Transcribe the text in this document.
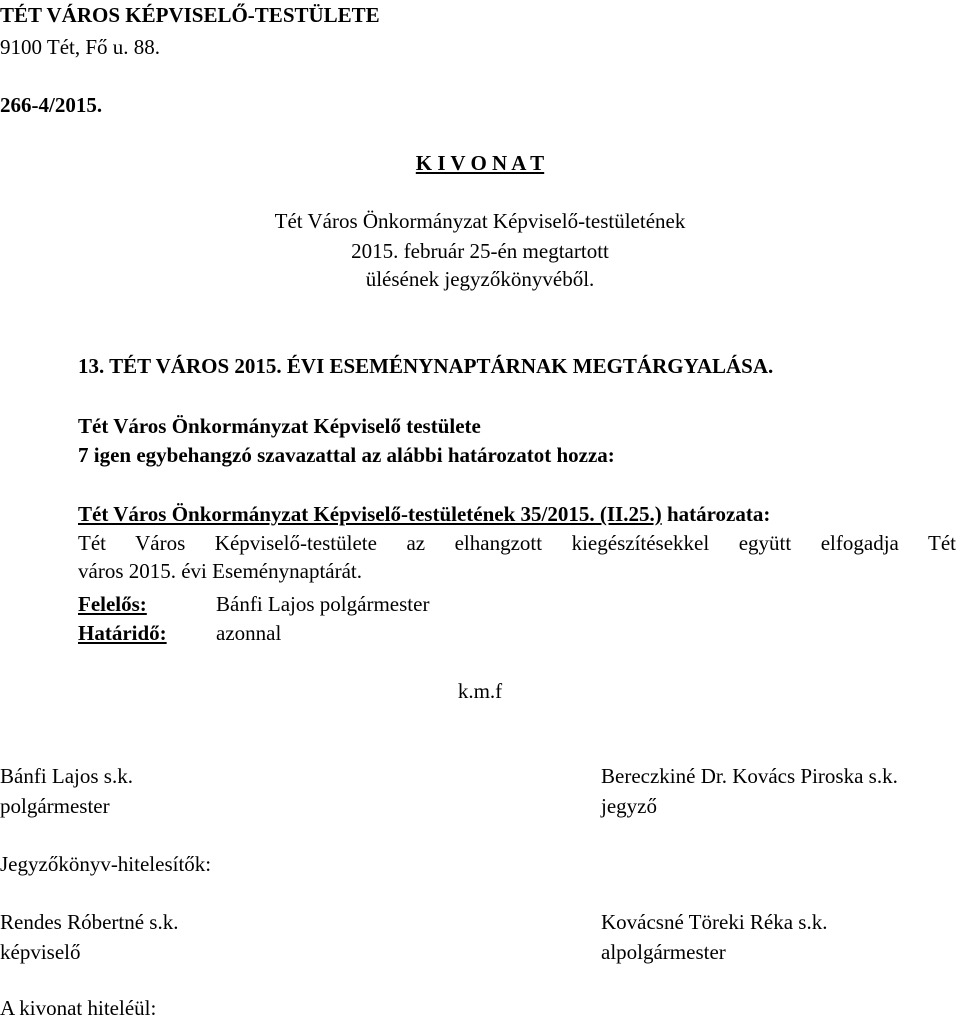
TÉT VÁROS KÉPVISELŐ-TESTÜLETE
9100 Tét, Fő u. 88.
266-4/2015.
K I V O N A T
Tét Város Önkormányzat Képviselő-testületének
2015. február 25-én megtartott
ülésének jegyzőkönyvéből.
13. TÉT VÁROS 2015. ÉVI ESEMÉNYNAPTÁRNAK MEGTÁRGYALÁSA.
Tét Város Önkormányzat Képviselő testülete
7 igen egybehangzó szavazattal az alábbi határozatot hozza:
Tét Város Önkormányzat Képviselő-testületének 35/2015. (II.25.) határozata:
Tét Város Képviselő-testülete az elhangzott kiegészítésekkel együtt elfogadja Tét
város 2015. évi Eseménynaptárát.
Felelős:	Bánfi Lajos polgármester
Határidő: azonnal
k.m.f
Bánfi Lajos s.k.
polgármester
Bereczkiné Dr. Kovács Piroska s.k.
jegyző
Jegyzőkönyv-hitelesítők:
Rendes Róbertné s.k.
képviselő
Kovácsné Töreki Réka s.k.
alpolgármester
A kivonat hiteléül:
